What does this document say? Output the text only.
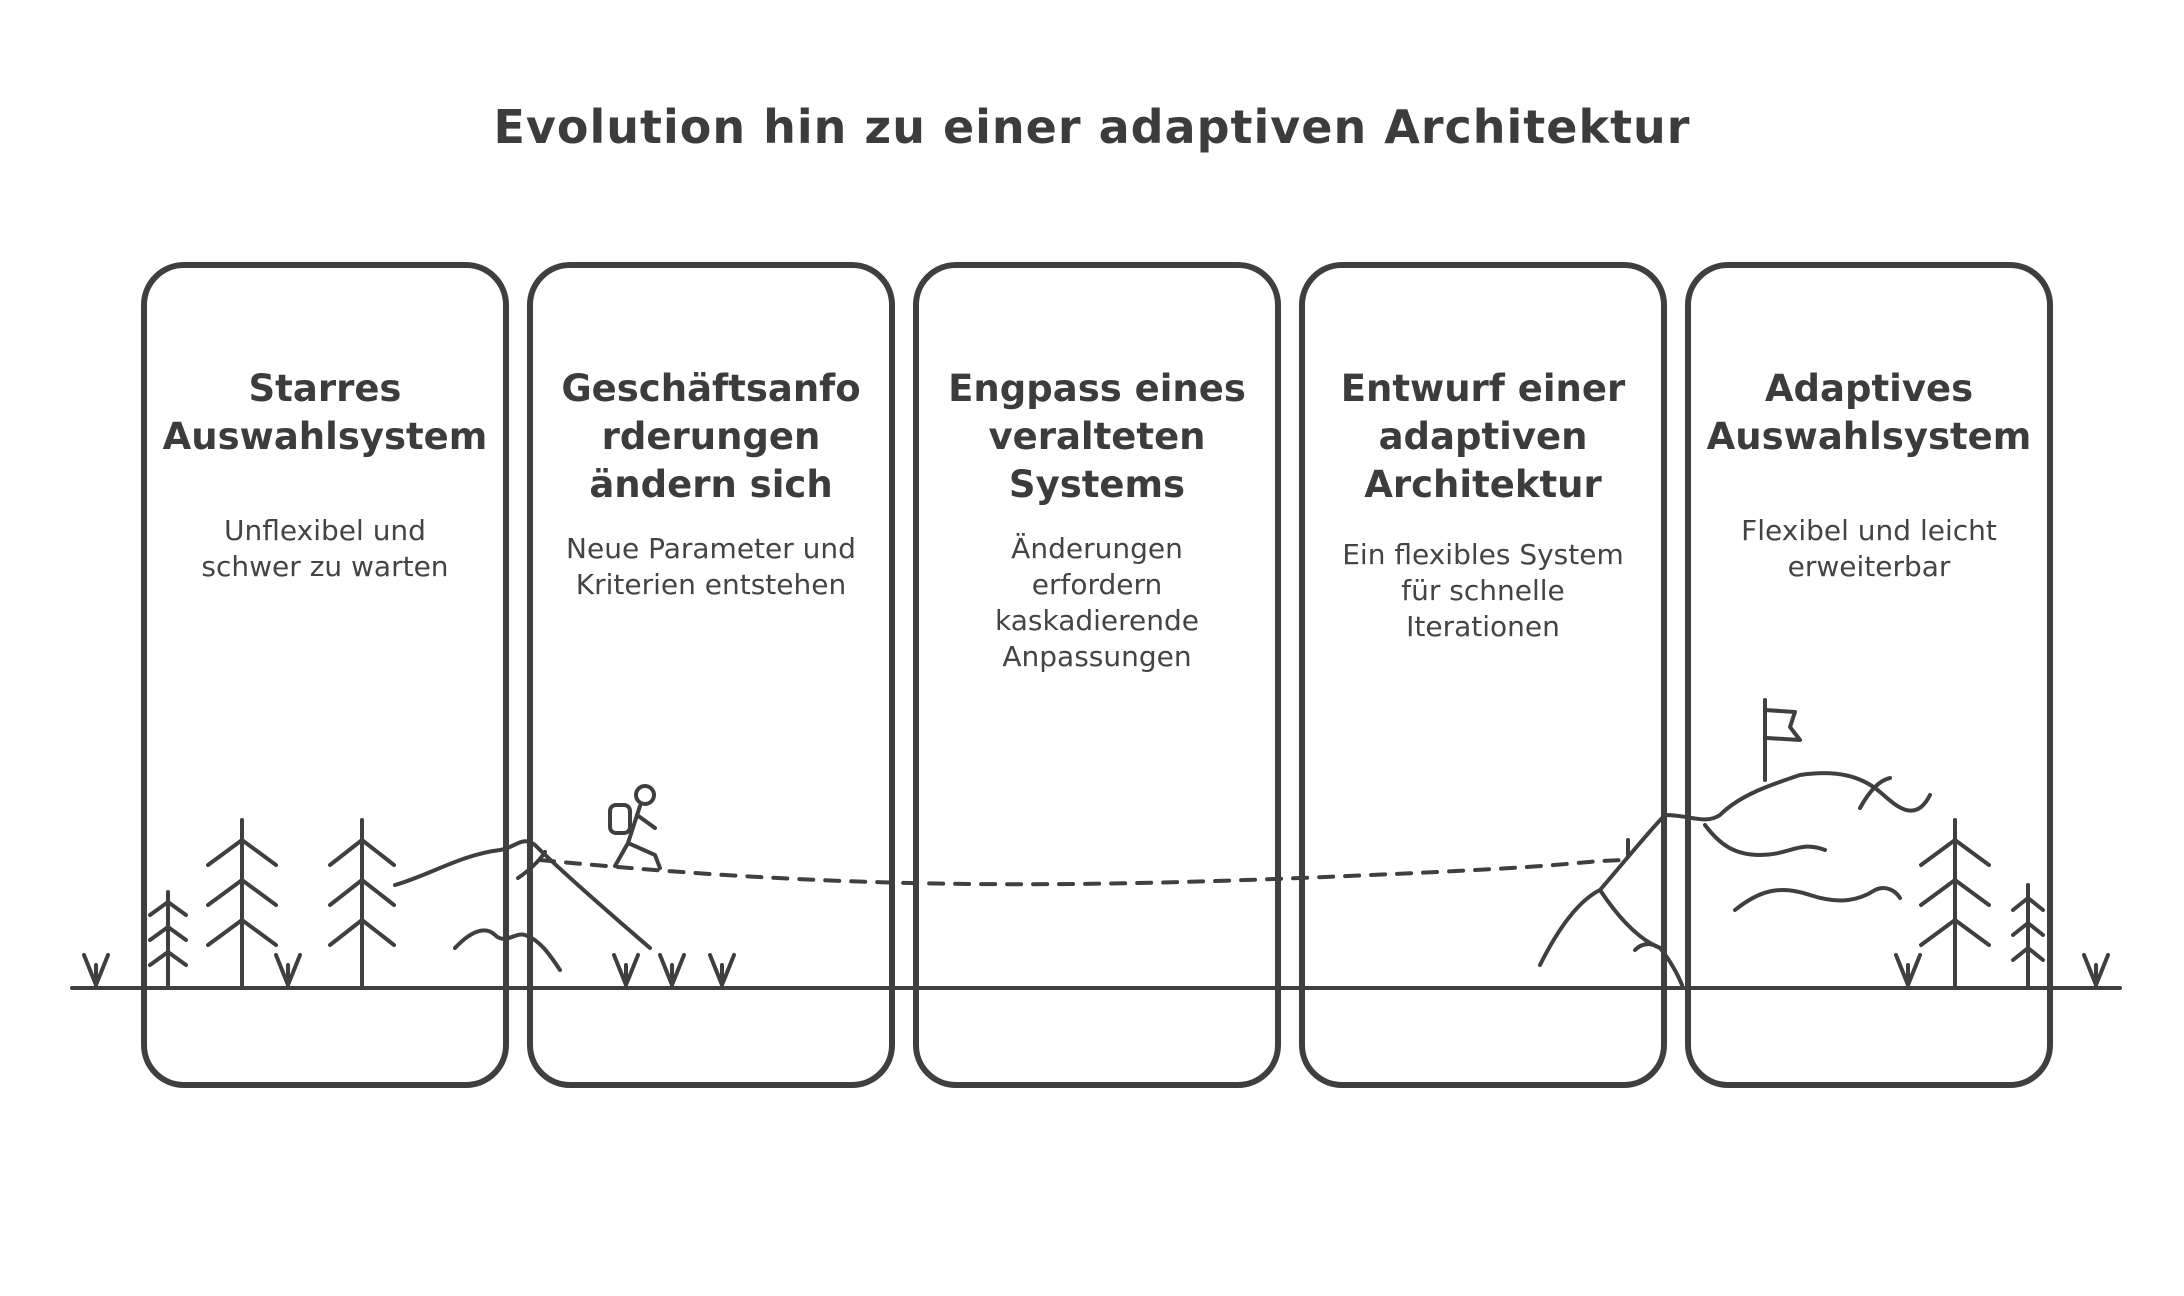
Evolution hin zu einer adaptiven Architektur

Starres
Auswahlsystem

Unflexibel und
schwer zu warten

Geschäftsanfo
rderungen
ändern sich

Neue Parameter und
Kriterien entstehen

Engpass eines
veralteten
Systems

Änderungen
erfordern
kaskadierende
Anpassungen

Entwurf einer
adaptiven
Architektur

Ein flexibles System
für schnelle
Iterationen

Adaptives
Auswahlsystem

Flexibel und leicht
erweiterbar
